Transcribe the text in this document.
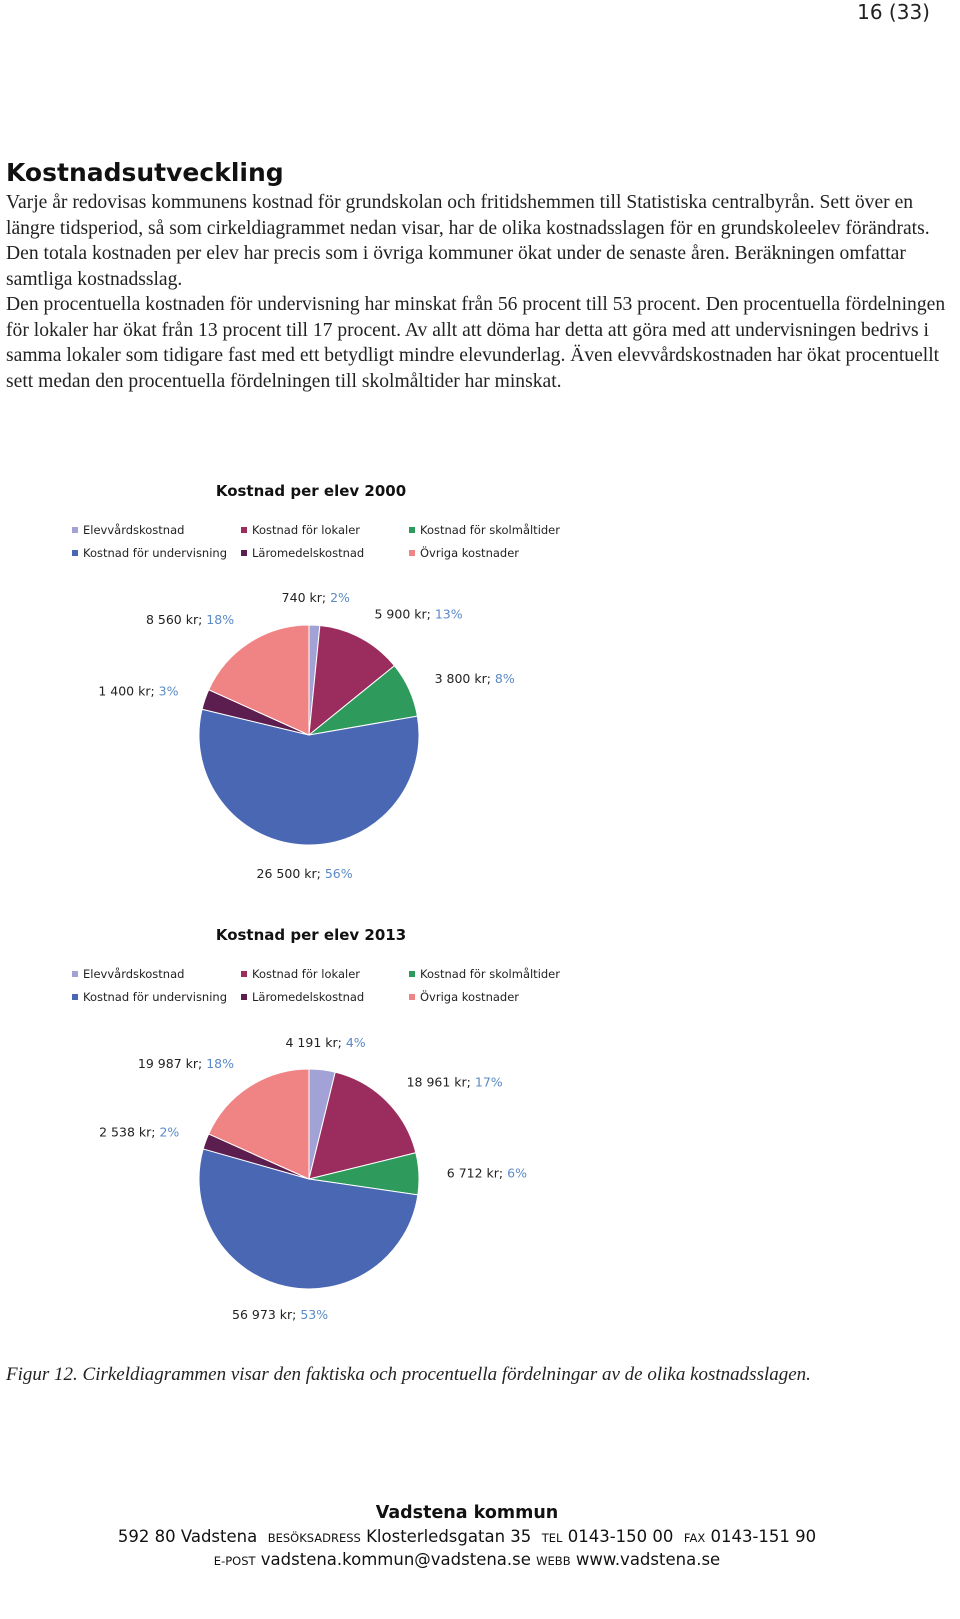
16 (33)
Kostnadsutveckling

Varje år redovisas kommunens kostnad för grundskolan och fritidshemmen till Statistiska centralbyrån. Sett över en längre tidsperiod, så som cirkeldiagrammet nedan visar, har de olika kostnadsslagen för en grundskoleelev förändrats.

Den totala kostnaden per elev har precis som i övriga kommuner ökat under de senaste åren. Beräkningen omfattar samtliga kostnadsslag.

Den procentuella kostnaden för undervisning har minskat från 56 procent till 53 procent. Den procentuella fördelningen för lokaler har ökat från 13 procent till 17 procent. Av allt att döma har detta att göra med att undervisningen bedrivs i samma lokaler som tidigare fast med ett betydligt mindre elevunderlag. Även elevvårdskostnaden har ökat procentuellt sett medan den procentuella fördelningen till skolmåltider har minskat.

Kostnad per elev 2000
Elevvårdskostnad	Kostnad för lokaler	Kostnad för skolmåltider
Kostnad för undervisning Läromedelskostnad	Övriga kostnader
740 kr; 2%
5 900 kr; 13%
3 800 kr; 8%
26 500 kr; 56%
1 400 kr; 3%
8 560 kr; 18%
Kostnad per elev 2013
Elevvårdskostnad	Kostnad för lokaler	Kostnad för skolmåltider
Kostnad för undervisning Läromedelskostnad	Övriga kostnader
4 191 kr; 4%
18 961 kr; 17%
6 712 kr; 6%
56 973 kr; 53%
2 538 kr; 2%
19 987 kr; 18%

Figur 12. Cirkeldiagrammen visar den faktiska och procentuella fördelningar av de olika kostnadsslagen.

Vadstena kommun
592 80 Vadstena BESÖKSADRESS Klosterledsgatan 35 TEL 0143-150 00 FAX 0143-151 90
E-POST vadstena.kommun@vadstena.se WEBB www.vadstena.se
